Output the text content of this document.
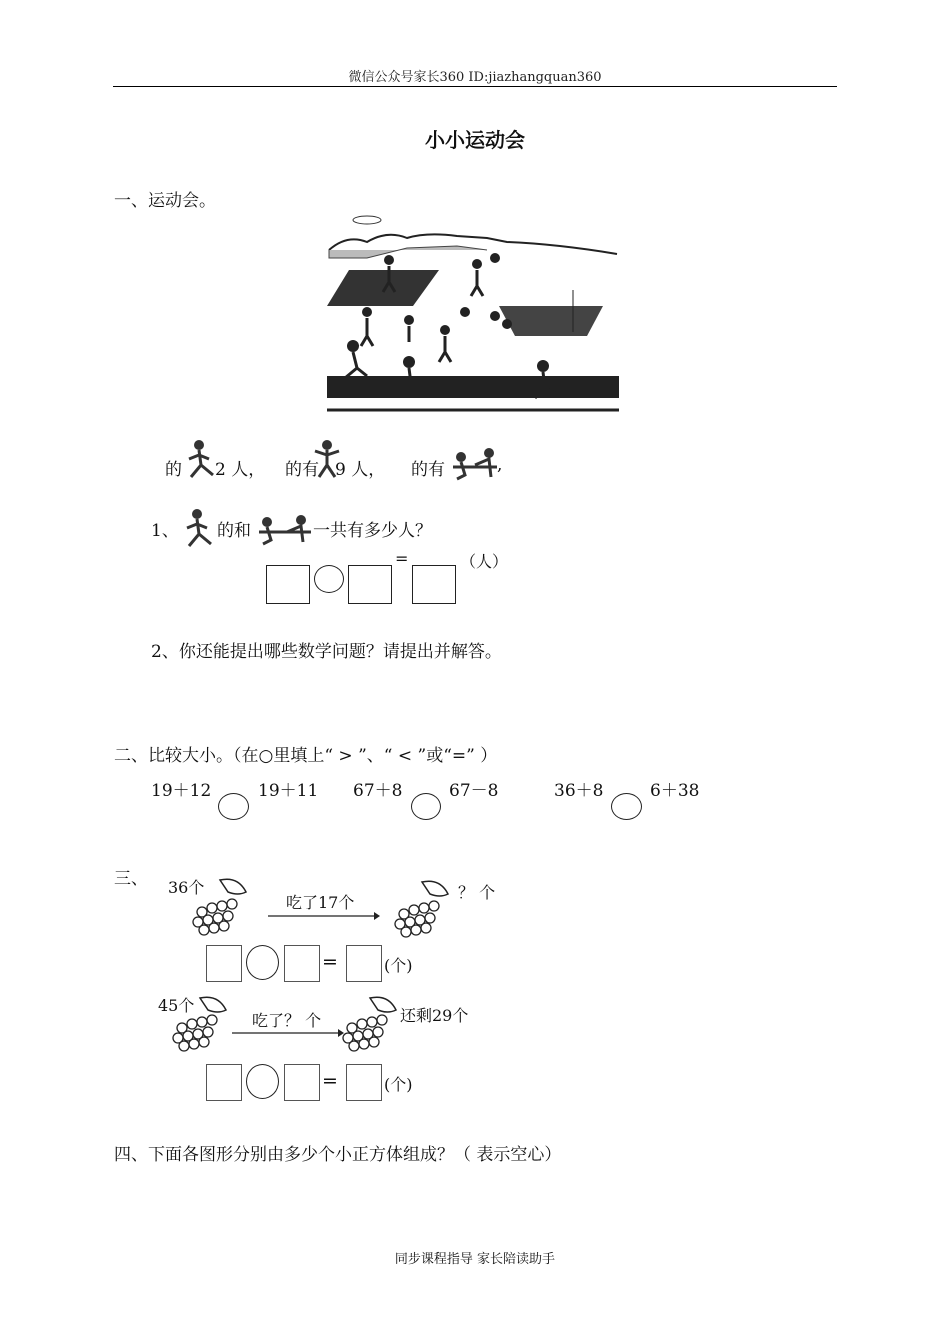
微信公众号家长360 ID:jiazhangquan360
小小运动会
一、运动会。
的 2 人， 的有 9 人， 的有	,
1、 的和	一共有多少人？
=	（人）
2、你还能提出哪些数学问题？请提出并解答。
二、比较大小。（在○里填上“ > ”、“ < ”或“=” ）
19＋12	19＋11 67＋8	67－8	36＋8	6＋38
三、 36个
吃了17个
？ 个
=	(个)
45个
吃了？ 个	还剩29个
=	(个)
四、下面各图形分别由多少个小正方体组成？（ 表示空心）
同步课程指导 家长陪读助手
